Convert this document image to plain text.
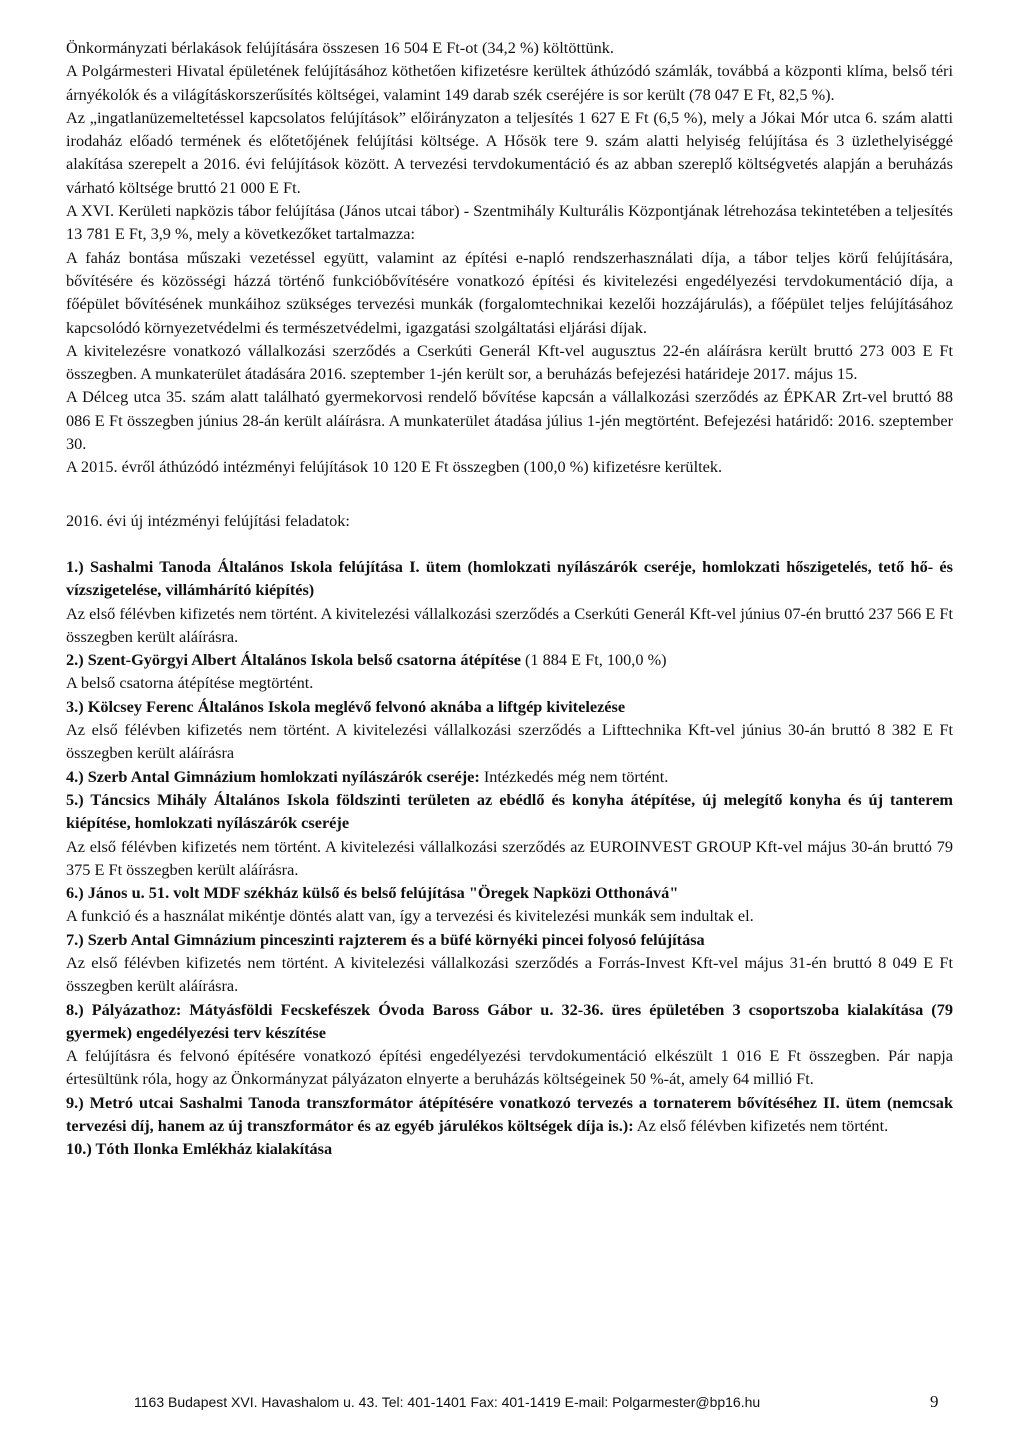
Önkormányzati bérlakások felújítására összesen 16 504 E Ft-ot (34,2 %) költöttünk.

A Polgármesteri Hivatal épületének felújításához köthetően kifizetésre kerültek áthúzódó számlák, továbbá a központi klíma, belső téri árnyékolók és a világításkorszerűsítés költségei, valamint 149 darab szék cseréjére is sor került (78 047 E Ft, 82,5 %).

Az „ingatlanüzemeltetéssel kapcsolatos felújítások” előirányzaton a teljesítés 1 627 E Ft (6,5 %), mely a Jókai Mór utca 6. szám alatti irodaház előadó termének és előtetőjének felújítási költsége. A Hősök tere 9. szám alatti helyiség felújítása és 3 üzlethelyiséggé alakítása szerepelt a 2016. évi felújítások között. A tervezési tervdokumentáció és az abban szereplő költségvetés alapján a beruházás várható költsége bruttó 21 000 E Ft.

A XVI. Kerületi napközis tábor felújítása (János utcai tábor) - Szentmihály Kulturális Központjának létrehozása tekintetében a teljesítés 13 781 E Ft, 3,9 %, mely a következőket tartalmazza:

A faház bontása műszaki vezetéssel együtt, valamint az építési e-napló rendszerhasználati díja, a tábor teljes körű felújítására, bővítésére és közösségi házzá történő funkcióbővítésére vonatkozó építési és kivitelezési engedélyezési tervdokumentáció díja, a főépület bővítésének munkáihoz szükséges tervezési munkák (forgalomtechnikai kezelői hozzájárulás), a főépület teljes felújításához kapcsolódó környezetvédelmi és természetvédelmi, igazgatási szolgáltatási eljárási díjak.

A kivitelezésre vonatkozó vállalkozási szerződés a Cserkúti Generál Kft-vel augusztus 22-én aláírásra került bruttó 273 003 E Ft összegben. A munkaterület átadására 2016. szeptember 1-jén került sor, a beruházás befejezési határideje 2017. május 15.

A Délceg utca 35. szám alatt található gyermekorvosi rendelő bővítése kapcsán a vállalkozási szerződés az ÉPKAR Zrt-vel bruttó 88 086 E Ft összegben június 28-án került aláírásra. A munkaterület átadása július 1-jén megtörtént. Befejezési határidő: 2016. szeptember 30.

A 2015. évről áthúzódó intézményi felújítások 10 120 E Ft összegben (100,0 %) kifizetésre kerültek.

2016. évi új intézményi felújítási feladatok:

1.) Sashalmi Tanoda Általános Iskola felújítása I. ütem (homlokzati nyílászárók cseréje, homlokzati hőszigetelés, tető hő- és vízszigetelése, villámhárító kiépítés)

Az első félévben kifizetés nem történt. A kivitelezési vállalkozási szerződés a Cserkúti Generál Kft-vel június 07-én bruttó 237 566 E Ft összegben került aláírásra.

2.) Szent-Györgyi Albert Általános Iskola belső csatorna átépítése (1 884 E Ft, 100,0 %)

A belső csatorna átépítése megtörtént.

3.) Kölcsey Ferenc Általános Iskola meglévő felvonó aknába a liftgép kivitelezése

Az első félévben kifizetés nem történt. A kivitelezési vállalkozási szerződés a Lifttechnika Kft-vel június 30-án bruttó 8 382 E Ft összegben került aláírásra

4.) Szerb Antal Gimnázium homlokzati nyílászárók cseréje: Intézkedés még nem történt.

5.) Táncsics Mihály Általános Iskola földszinti területen az ebédlő és konyha átépítése, új melegítő konyha és új tanterem kiépítése, homlokzati nyílászárók cseréje

Az első félévben kifizetés nem történt. A kivitelezési vállalkozási szerződés az EUROINVEST GROUP Kft-vel május 30-án bruttó 79 375 E Ft összegben került aláírásra.

6.) János u. 51. volt MDF székház külső és belső felújítása "Öregek Napközi Otthonává"

A funkció és a használat mikéntje döntés alatt van, így a tervezési és kivitelezési munkák sem indultak el.

7.) Szerb Antal Gimnázium pinceszinti rajzterem és a büfé környéki pincei folyosó felújítása

Az első félévben kifizetés nem történt. A kivitelezési vállalkozási szerződés a Forrás-Invest Kft-vel május 31-én bruttó 8 049 E Ft összegben került aláírásra.

8.) Pályázathoz: Mátyásföldi Fecskefészek Óvoda Baross Gábor u. 32-36. üres épületében 3 csoportszoba kialakítása (79 gyermek) engedélyezési terv készítése

A felújításra és felvonó építésére vonatkozó építési engedélyezési tervdokumentáció elkészült 1 016 E Ft összegben. Pár napja értesültünk róla, hogy az Önkormányzat pályázaton elnyerte a beruházás költségeinek 50 %-át, amely 64 millió Ft.

9.) Metró utcai Sashalmi Tanoda transzformátor átépítésére vonatkozó tervezés a tornaterem bővítéséhez II. ütem (nemcsak tervezési díj, hanem az új transzformátor és az egyéb járulékos költségek díja is.): Az első félévben kifizetés nem történt.

10.) Tóth Ilonka Emlékház kialakítása

1163 Budapest XVI. Havashalom u. 43. Tel: 401-1401 Fax: 401-1419 E-mail: Polgarmester@bp16.hu	9
